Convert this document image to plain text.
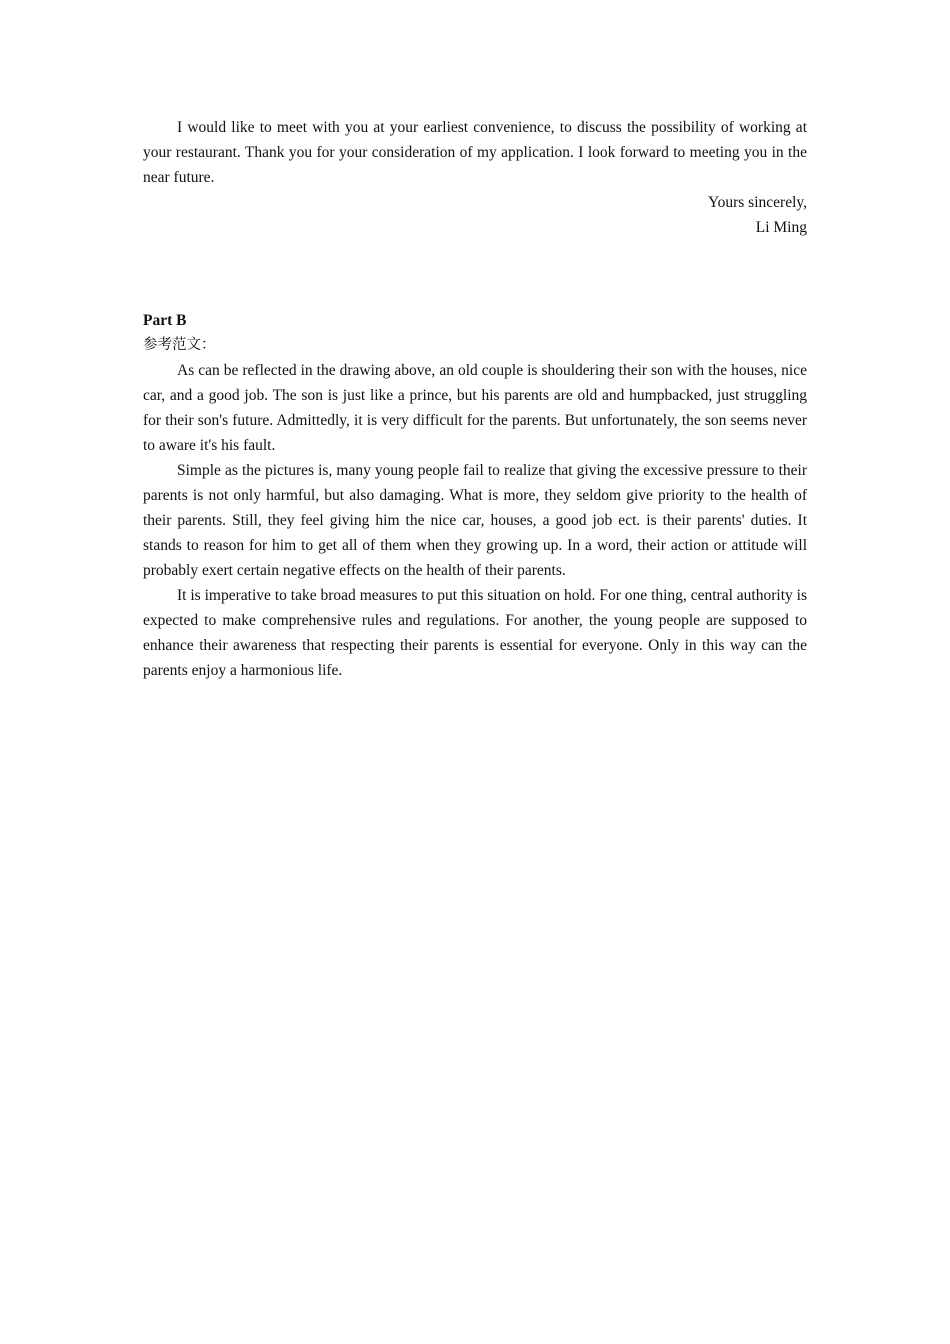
I would like to meet with you at your earliest convenience, to discuss the possibility of working at your restaurant. Thank you for your consideration of my application. I look forward to meeting you in the near future.

Yours sincerely,

Li Ming

Part B

参考范文：

As can be reflected in the drawing above, an old couple is shouldering their son with the houses, nice car, and a good job. The son is just like a prince, but his parents are old and humpbacked, just struggling for their son's future. Admittedly, it is very difficult for the parents. But unfortunately, the son seems never to aware it's his fault.

Simple as the pictures is, many young people fail to realize that giving the excessive pressure to their parents is not only harmful, but also damaging. What is more, they seldom give priority to the health of their parents. Still, they feel giving him the nice car, houses, a good job ect. is their parents' duties. It stands to reason for him to get all of them when they growing up. In a word, their action or attitude will probably exert certain negative effects on the health of their parents.

It is imperative to take broad measures to put this situation on hold. For one thing, central authority is expected to make comprehensive rules and regulations. For another, the young people are supposed to enhance their awareness that respecting their parents is essential for everyone. Only in this way can the parents enjoy a harmonious life.
